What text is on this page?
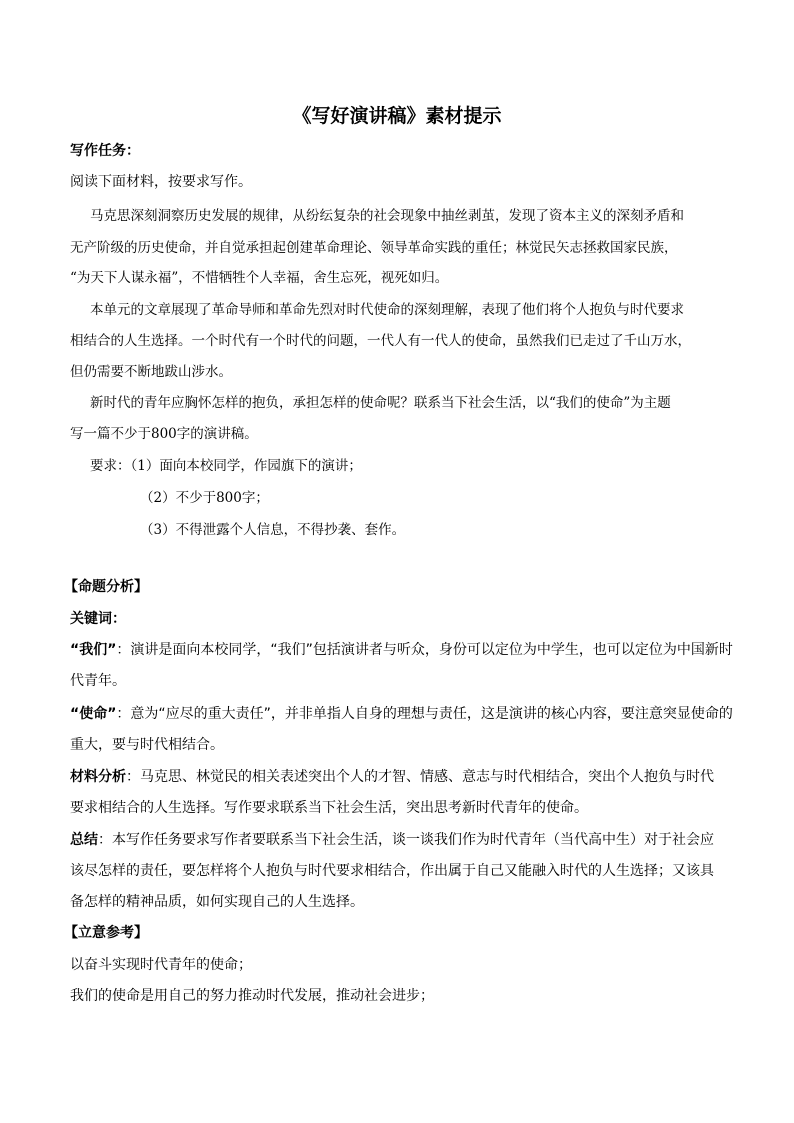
《写好演讲稿》素材提示
写作任务：
阅读下面材料，按要求写作。
马克思深刻洞察历史发展的规律，从纷纭复杂的社会现象中抽丝剥茧，发现了资本主义的深刻矛盾和
无产阶级的历史使命，并自觉承担起创建革命理论、领导革命实践的重任；林觉民矢志拯救国家民族，
“为天下人谋永福”，不惜牺牲个人幸福，舍生忘死，视死如归。
本单元的文章展现了革命导师和革命先烈对时代使命的深刻理解，表现了他们将个人抱负与时代要求
相结合的人生选择。一个时代有一个时代的问题，一代人有一代人的使命，虽然我们已走过了千山万水，
但仍需要不断地跋山涉水。
新时代的青年应胸怀怎样的抱负，承担怎样的使命呢？联系当下社会生活，以“我们的使命”为主题
写一篇不少于800字的演讲稿。
要求：（1）面向本校同学，作园旗下的演讲；
（2）不少于800字；
（3）不得泄露个人信息，不得抄袭、套作。
【命题分析】
关键词：
“我们”：演讲是面向本校同学，“我们”包括演讲者与听众，身份可以定位为中学生，也可以定位为中国新时
代青年。
“使命”：意为“应尽的重大责任”，并非单指人自身的理想与责任，这是演讲的核心内容，要注意突显使命的
重大，要与时代相结合。
材料分析：马克思、林觉民的相关表述突出个人的才智、情感、意志与时代相结合，突出个人抱负与时代
要求相结合的人生选择。写作要求联系当下社会生活，突出思考新时代青年的使命。
总结：本写作任务要求写作者要联系当下社会生活，谈一谈我们作为时代青年（当代高中生）对于社会应
该尽怎样的责任，要怎样将个人抱负与时代要求相结合，作出属于自己又能融入时代的人生选择；又该具
备怎样的精神品质，如何实现自己的人生选择。
【立意参考】
以奋斗实现时代青年的使命；
我们的使命是用自己的努力推动时代发展，推动社会进步；
